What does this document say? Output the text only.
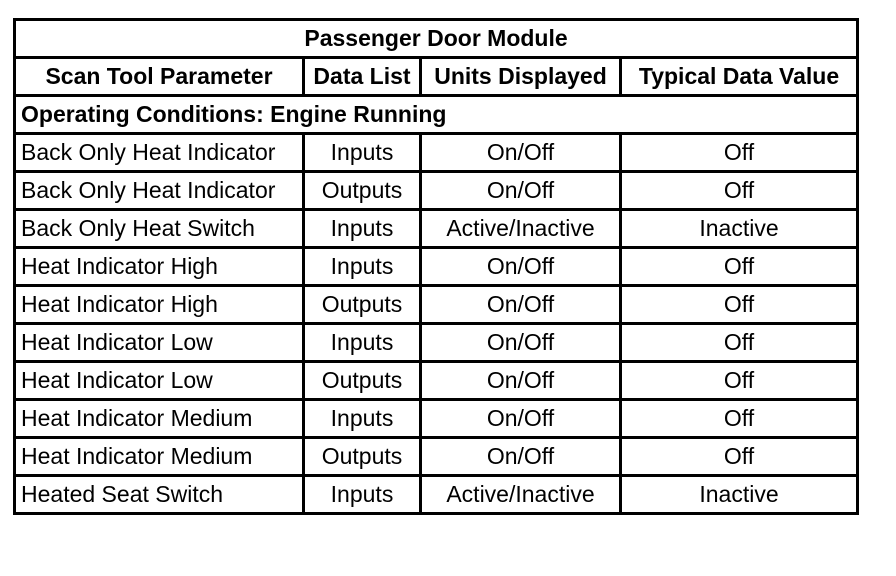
Passenger Door Module			
Scan Tool Parameter	Data List	Units Displayed	Typical Data Value
Operating Conditions: Engine Running			
Back Only Heat Indicator	Inputs	On/Off	Off
Back Only Heat Indicator	Outputs	On/Off	Off
Back Only Heat Switch	Inputs	Active/Inactive	Inactive
Heat Indicator High	Inputs	On/Off	Off
Heat Indicator High	Outputs	On/Off	Off
Heat Indicator Low	Inputs	On/Off	Off
Heat Indicator Low	Outputs	On/Off	Off
Heat Indicator Medium	Inputs	On/Off	Off
Heat Indicator Medium	Outputs	On/Off	Off
Heated Seat Switch	Inputs	Active/Inactive	Inactive
